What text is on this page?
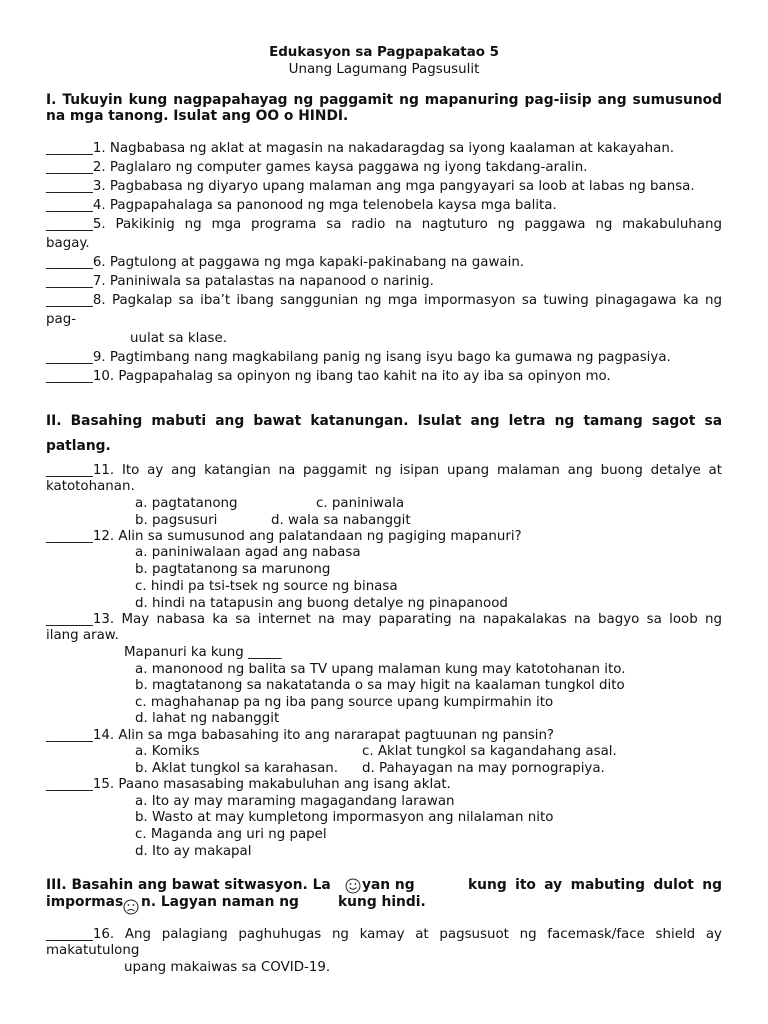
Edukasyon sa Pagpapakatao 5
Unang Lagumang Pagsusulit
I. Tukuyin kung nagpapahayag ng paggamit ng mapanuring pag-iisip ang sumusunod
na mga tanong. Isulat ang OO o HINDI.
_______1. Nagbabasa ng aklat at magasin na nakadaragdag sa iyong kaalaman at kakayahan.
_______2. Paglalaro ng computer games kaysa paggawa ng iyong takdang-aralin.
_______3. Pagbabasa ng diyaryo upang malaman ang mga pangyayari sa loob at labas ng bansa.
_______4. Pagpapahalaga sa panonood ng mga telenobela kaysa mga balita.
_______5. Pakikinig ng mga programa sa radio na nagtuturo ng paggawa ng makabuluhang
bagay.
_______6. Pagtulong at paggawa ng mga kapaki-pakinabang na gawain.
_______7. Paniniwala sa patalastas na napanood o narinig.
_______8. Pagkalap sa iba’t ibang sanggunian ng mga impormasyon sa tuwing pinagagawa ka ng
pag-
uulat sa klase.
_______9. Pagtimbang nang magkabilang panig ng isang isyu bago ka gumawa ng pagpasiya.
_______10. Pagpapahalag sa opinyon ng ibang tao kahit na ito ay iba sa opinyon mo.
II. Basahing mabuti ang bawat katanungan. Isulat ang letra ng tamang sagot sa
patlang.
_______11. Ito ay ang katangian na paggamit ng isipan upang malaman ang buong detalye at
katotohanan.
a. pagtatanong	c. paniniwala
b. pagsusuri	d. wala sa nabanggit
_______12. Alin sa sumusunod ang palatandaan ng pagiging mapanuri?
a. paniniwalaan agad ang nabasa
b. pagtatanong sa marunong
c. hindi pa tsi-tsek ng source ng binasa
d. hindi na tatapusin ang buong detalye ng pinapanood
_______13. May nabasa ka sa internet na may paparating na napakalakas na bagyo sa loob ng
ilang araw.
Mapanuri ka kung _____
a. manonood ng balita sa TV upang malaman kung may katotohanan ito.
b. magtatanong sa nakatatanda o sa may higit na kaalaman tungkol dito
c. maghahanap pa ng iba pang source upang kumpirmahin ito
d. lahat ng nabanggit
_______14. Alin sa mga babasahing ito ang nararapat pagtuunan ng pansin?
a. Komiks	c. Aklat tungkol sa kagandahang asal.
b. Aklat tungkol sa karahasan. d. Pahayagan na may pornograpiya.
_______15. Paano masasabing makabuluhan ang isang aklat.
a. Ito ay may maraming magagandang larawan
b. Wasto at may kumpletong impormasyon ang nilalaman nito
c. Maganda ang uri ng papel
d. Ito ay makapal
III. Basahin ang bawat sitwasyon. La yan ng	kung ito ay mabuting dulot ng
impormas n. Lagyan naman ng	kung hindi.
_______16. Ang palagiang paghuhugas ng kamay at pagsusuot ng facemask/face shield ay
makatutulong
upang makaiwas sa COVID-19.
